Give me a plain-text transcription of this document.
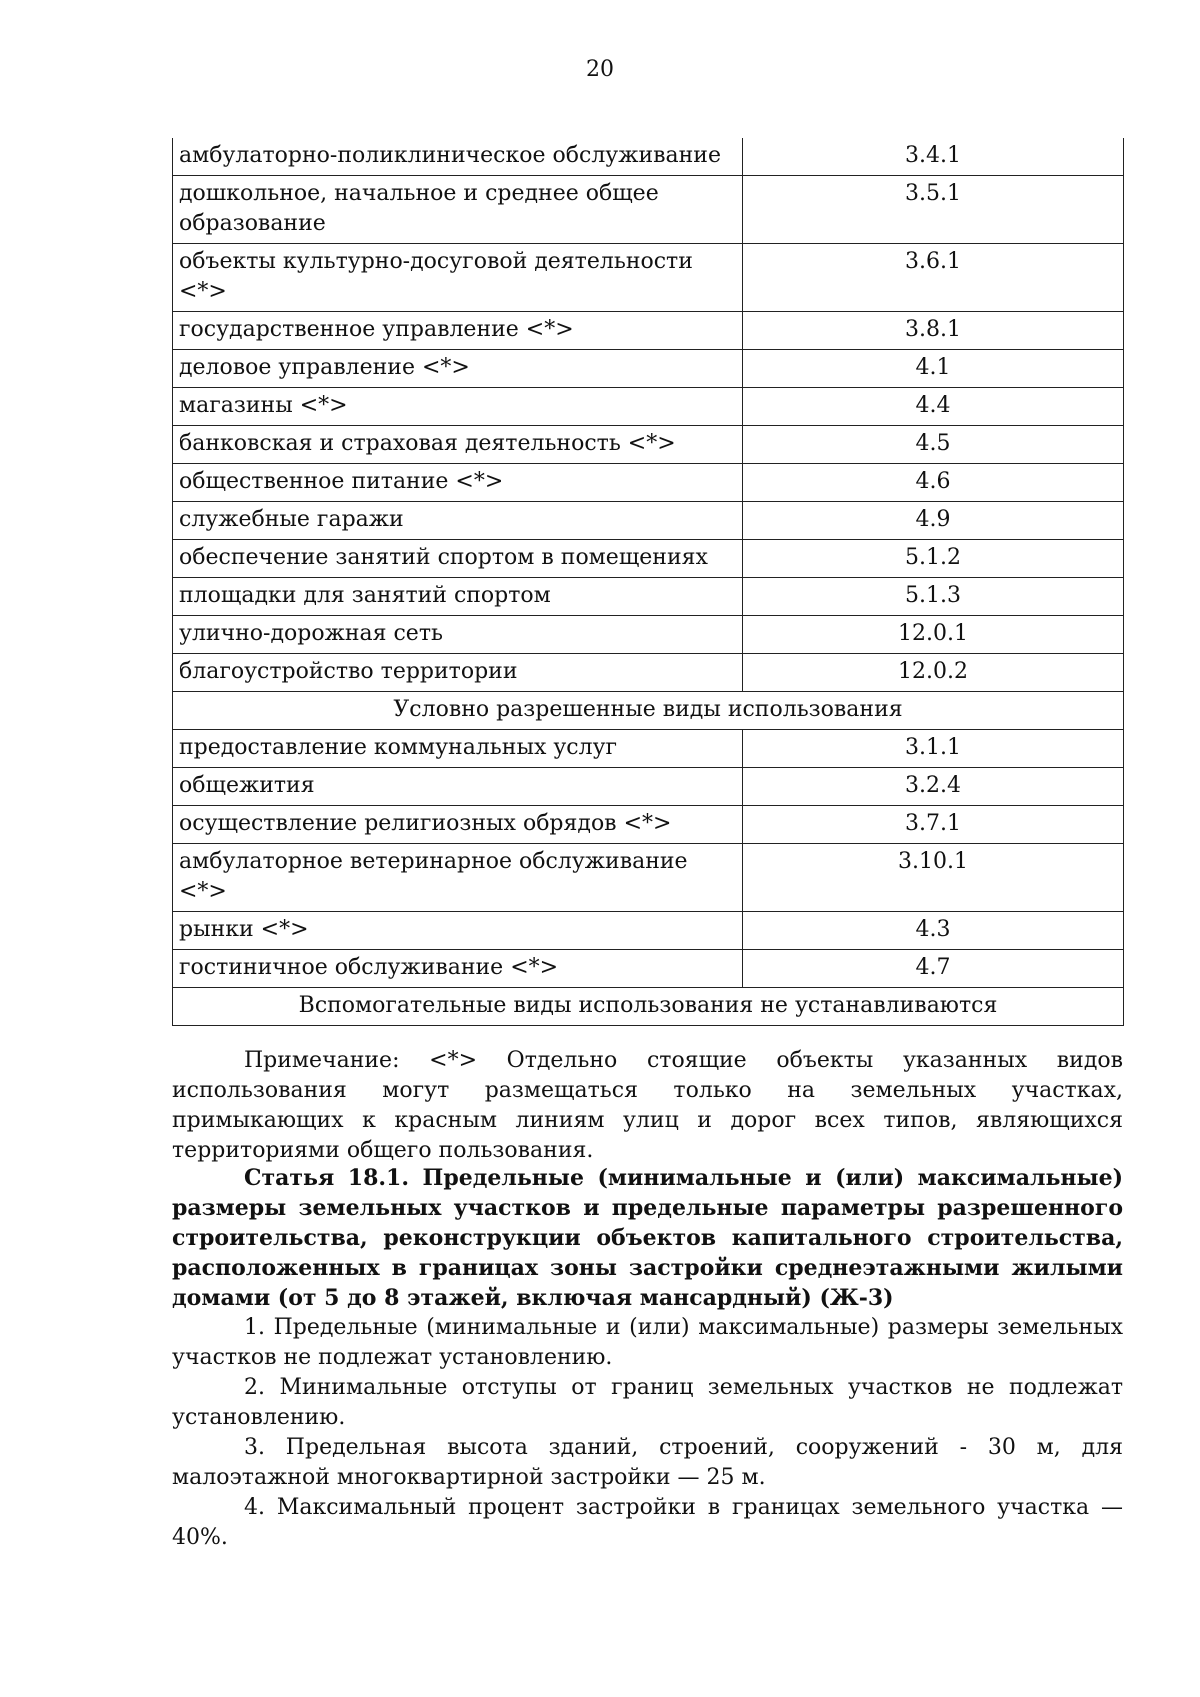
20
амбулаторно-поликлиническое обслуживание	3.4.1
дошкольное, начальное и среднее общее образование	3.5.1
объекты культурно-досуговой деятельности <*>	3.6.1
государственное управление <*>	3.8.1
деловое управление <*>	4.1
магазины <*>	4.4
банковская и страховая деятельность <*>	4.5
общественное питание <*>	4.6
служебные гаражи	4.9
обеспечение занятий спортом в помещениях	5.1.2
площадки для занятий спортом	5.1.3
улично-дорожная сеть	12.0.1
благоустройство территории	12.0.2
Условно разрешенные виды использования	
предоставление коммунальных услуг	3.1.1
общежития	3.2.4
осуществление религиозных обрядов <*>	3.7.1
амбулаторное ветеринарное обслуживание <*>	3.10.1
рынки <*>	4.3
гостиничное обслуживание <*>	4.7
Вспомогательные виды использования не устанавливаются	

Примечание: <*> Отдельно стоящие объекты указанных видов использования могут размещаться только на земельных участках, примыкающих к красным линиям улиц и дорог всех типов, являющихся территориями общего пользования.

Статья 18.1. Предельные (минимальные и (или) максимальные) размеры земельных участков и предельные параметры разрешенного строительства, реконструкции объектов капитального строительства, расположенных в границах зоны застройки среднеэтажными жилыми домами (от 5 до 8 этажей, включая мансардный) (Ж-3)

1. Предельные (минимальные и (или) максимальные) размеры земельных участков не подлежат установлению.

2. Минимальные отступы от границ земельных участков не подлежат установлению.

3. Предельная высота зданий, строений, сооружений - 30 м, для малоэтажной многоквартирной застройки — 25 м.

4. Максимальный процент застройки в границах земельного участка — 40%.
